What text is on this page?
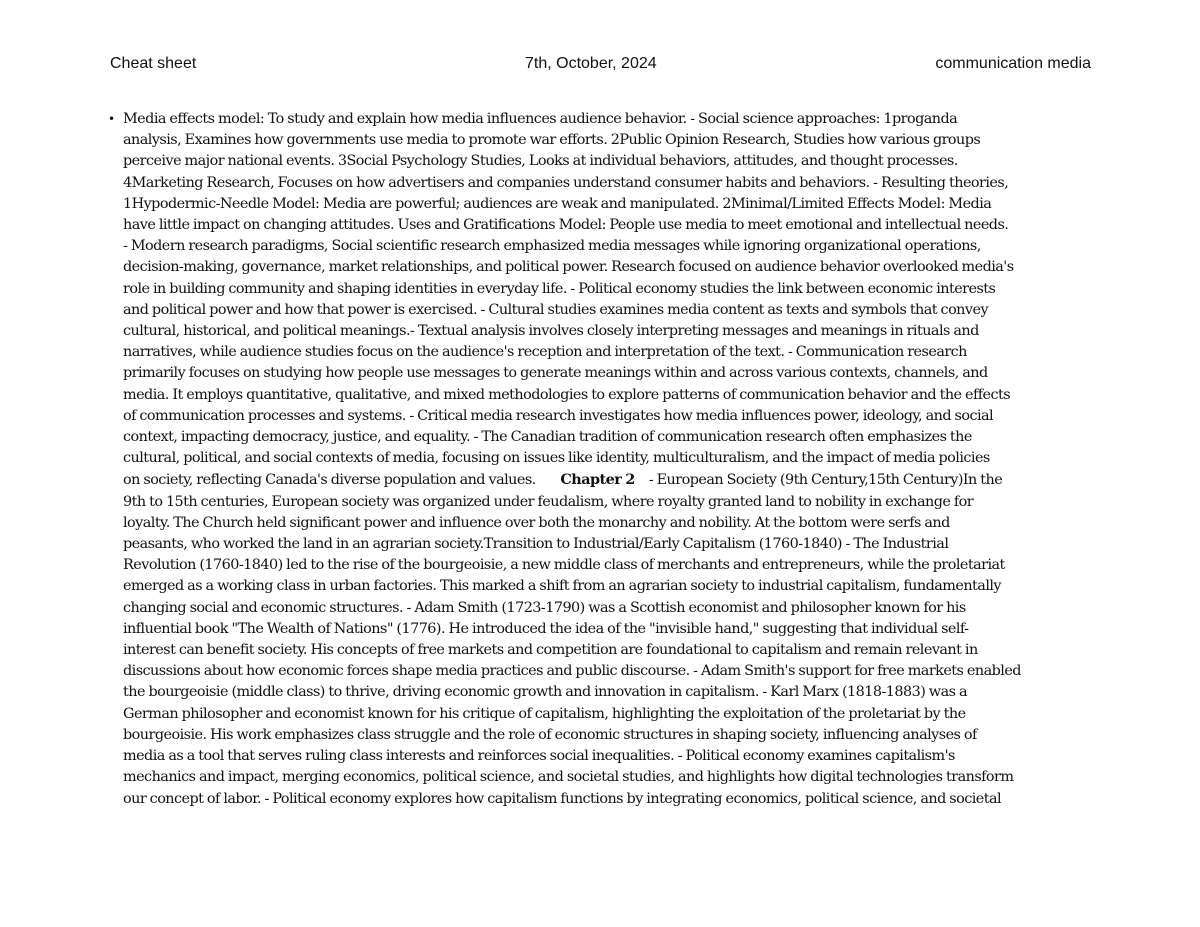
Cheat sheet	7th, October, 2024	communication media
• Media effects model: To study and explain how media influences audience behavior. - Social science approaches: 1proganda
analysis, Examines how governments use media to promote war efforts. 2Public Opinion Research, Studies how various groups
perceive major national events. 3Social Psychology Studies, Looks at individual behaviors, attitudes, and thought processes.
4Marketing Research, Focuses on how advertisers and companies understand consumer habits and behaviors. - Resulting theories,
1Hypodermic-Needle Model: Media are powerful; audiences are weak and manipulated. 2Minimal/Limited Effects Model: Media
have little impact on changing attitudes. Uses and Gratifications Model: People use media to meet emotional and intellectual needs.
- Modern research paradigms, Social scientific research emphasized media messages while ignoring organizational operations,
decision-making, governance, market relationships, and political power. Research focused on audience behavior overlooked media's
role in building community and shaping identities in everyday life. - Political economy studies the link between economic interests
and political power and how that power is exercised. - Cultural studies examines media content as texts and symbols that convey
cultural, historical, and political meanings.- Textual analysis involves closely interpreting messages and meanings in rituals and
narratives, while audience studies focus on the audience's reception and interpretation of the text. - Communication research
primarily focuses on studying how people use messages to generate meanings within and across various contexts, channels, and
media. It employs quantitative, qualitative, and mixed methodologies to explore patterns of communication behavior and the effects
of communication processes and systems. - Critical media research investigates how media influences power, ideology, and social
context, impacting democracy, justice, and equality. - The Canadian tradition of communication research often emphasizes the
cultural, political, and social contexts of media, focusing on issues like identity, multiculturalism, and the impact of media policies
on society, reflecting Canada's diverse population and values. Chapter 2 - European Society (9th Century,15th Century)In the
9th to 15th centuries, European society was organized under feudalism, where royalty granted land to nobility in exchange for
loyalty. The Church held significant power and influence over both the monarchy and nobility. At the bottom were serfs and
peasants, who worked the land in an agrarian society.Transition to Industrial/Early Capitalism (1760-1840) - The Industrial
Revolution (1760-1840) led to the rise of the bourgeoisie, a new middle class of merchants and entrepreneurs, while the proletariat
emerged as a working class in urban factories. This marked a shift from an agrarian society to industrial capitalism, fundamentally
changing social and economic structures. - Adam Smith (1723-1790) was a Scottish economist and philosopher known for his
influential book "The Wealth of Nations" (1776). He introduced the idea of the "invisible hand," suggesting that individual self-
interest can benefit society. His concepts of free markets and competition are foundational to capitalism and remain relevant in
discussions about how economic forces shape media practices and public discourse. - Adam Smith's support for free markets enabled
the bourgeoisie (middle class) to thrive, driving economic growth and innovation in capitalism. - Karl Marx (1818-1883) was a
German philosopher and economist known for his critique of capitalism, highlighting the exploitation of the proletariat by the
bourgeoisie. His work emphasizes class struggle and the role of economic structures in shaping society, influencing analyses of
media as a tool that serves ruling class interests and reinforces social inequalities. - Political economy examines capitalism's
mechanics and impact, merging economics, political science, and societal studies, and highlights how digital technologies transform
our concept of labor. - Political economy explores how capitalism functions by integrating economics, political science, and societal
